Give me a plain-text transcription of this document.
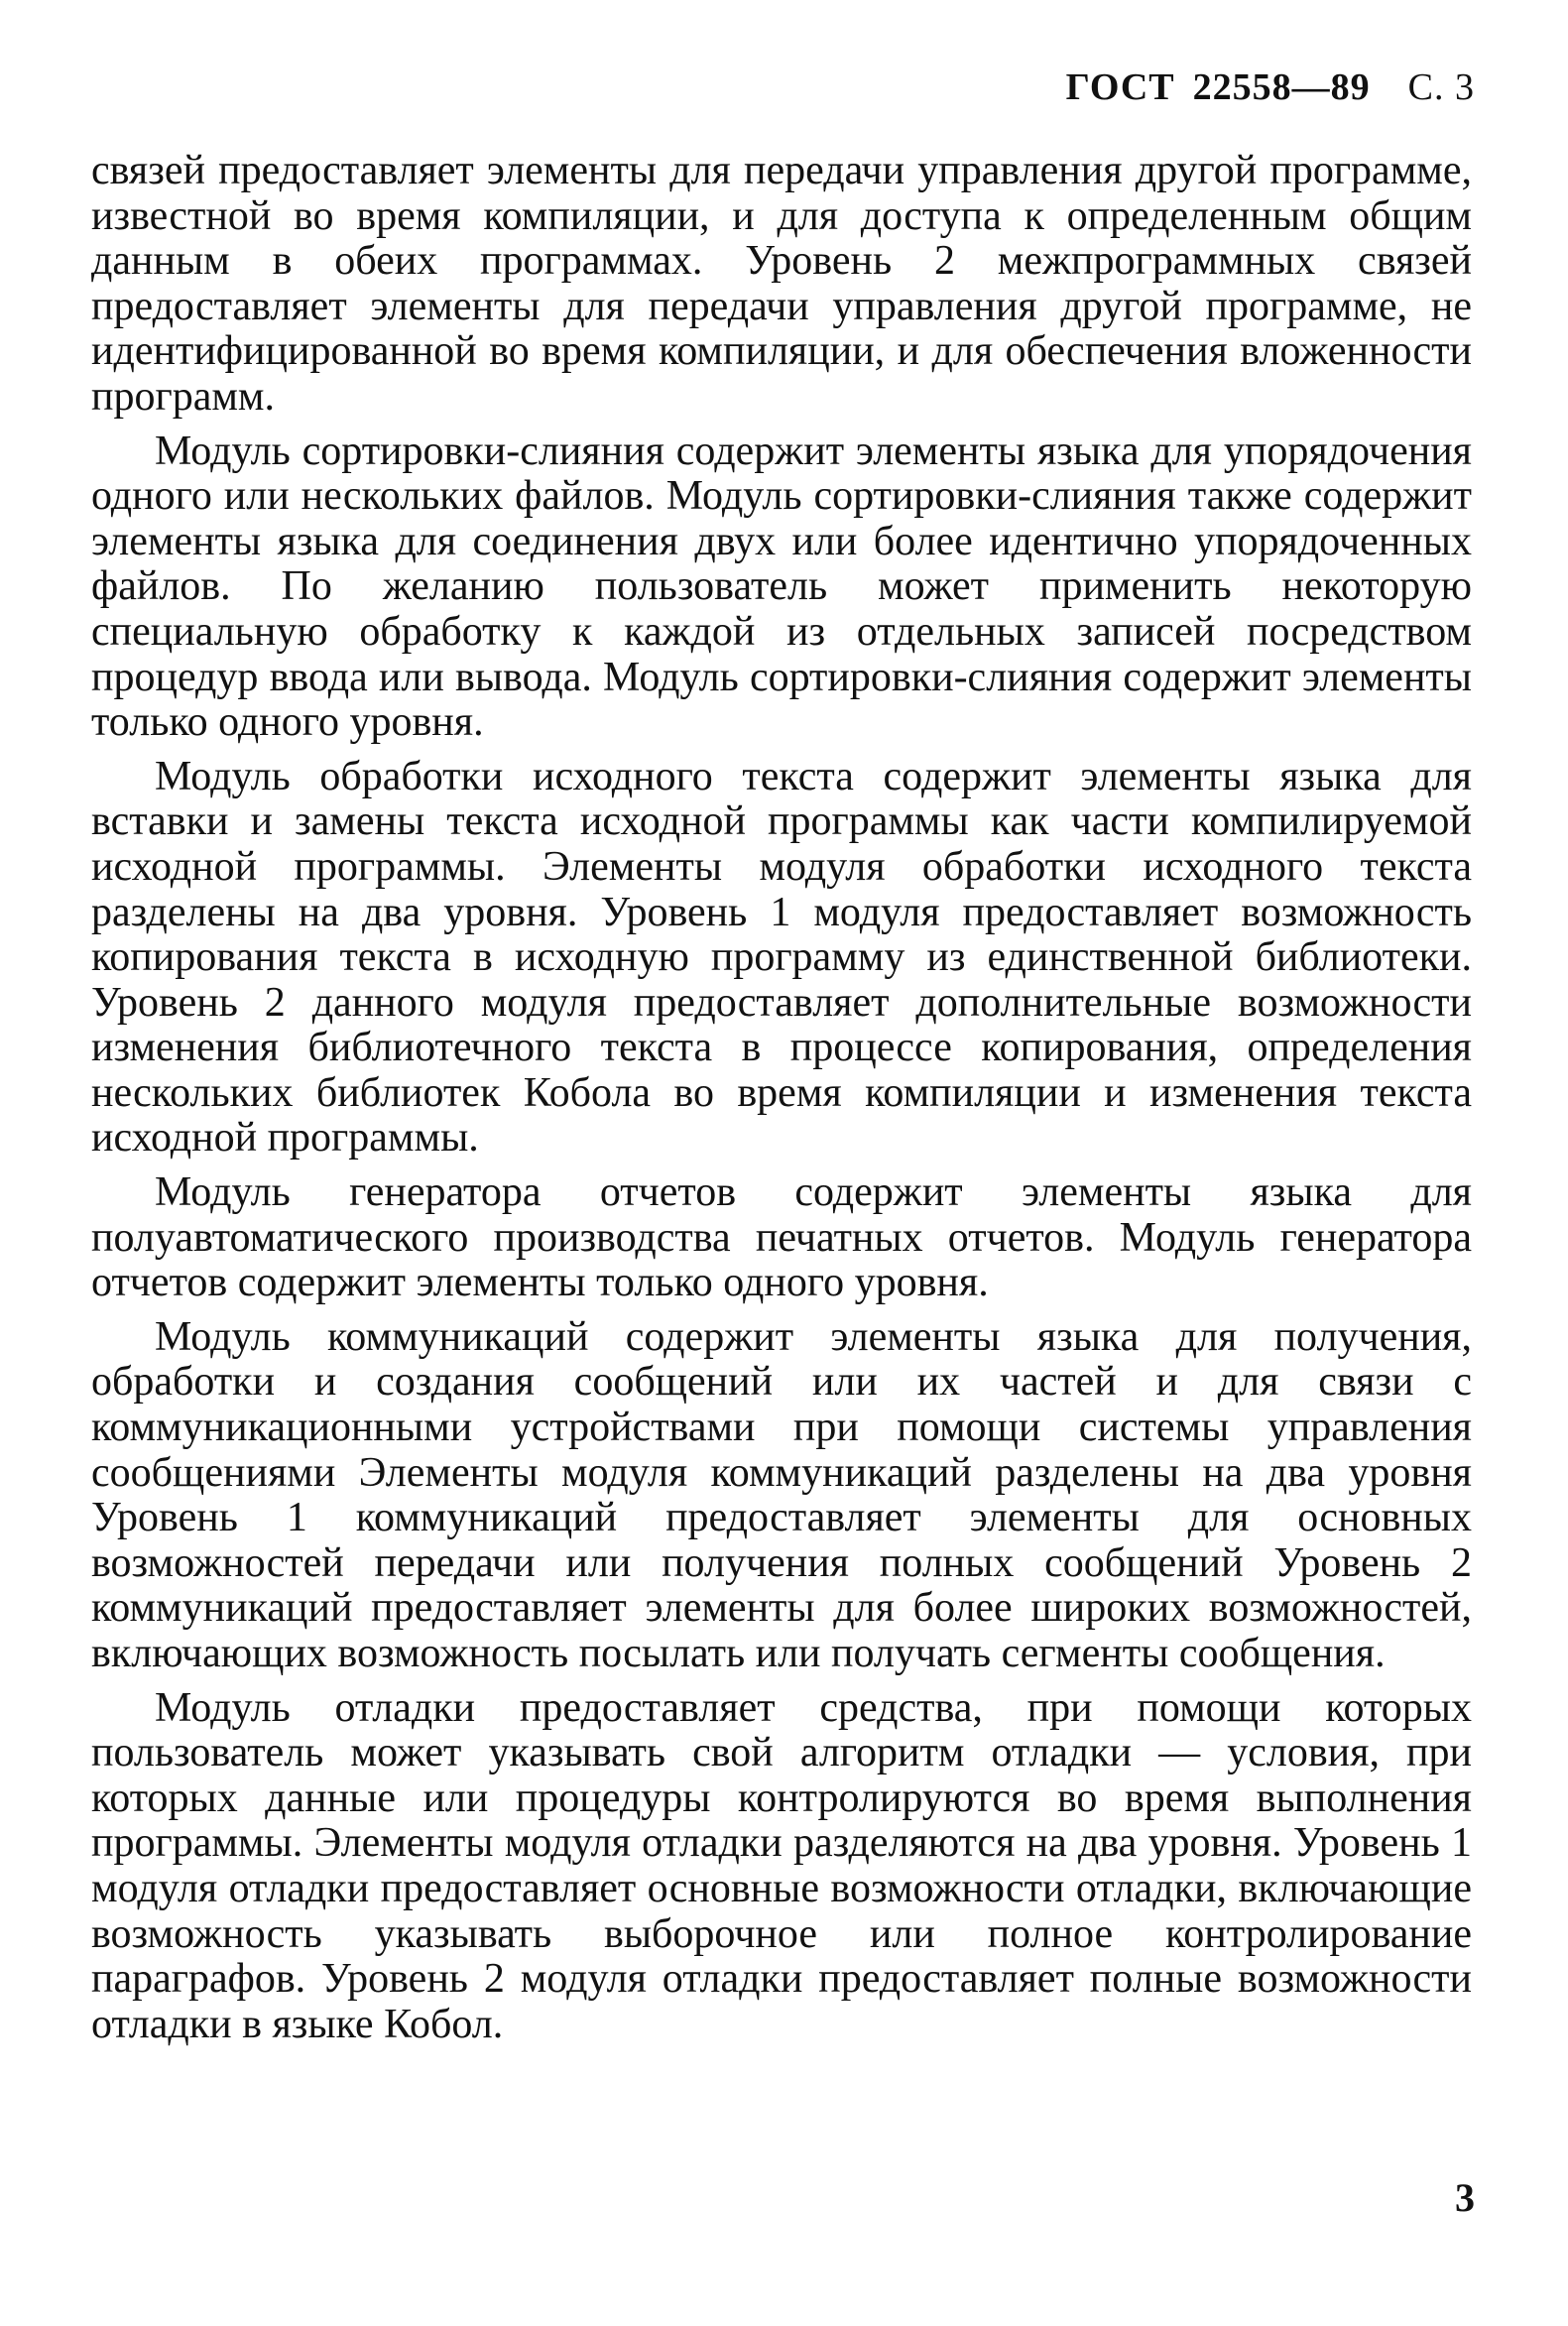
ГОСТ 22558—89 С. 3

связей предоставляет элементы для передачи управления другой программе, известной во время компиляции, и для доступа к определенным общим данным в обеих программах. Уровень 2 межпрограммных связей предоставляет элементы для передачи управления другой программе, не идентифицированной во время компиляции, и для обеспечения вложенности программ.

Модуль сортировки-слияния содержит элементы языка для упорядочения одного или нескольких файлов. Модуль сортировки-слияния также содержит элементы языка для соединения двух или более идентично упорядоченных файлов. По желанию пользователь может применить некоторую специальную обработку к каждой из отдельных записей посредством процедур ввода или вывода. Модуль сортировки-слияния содержит элементы только одного уровня.

Модуль обработки исходного текста содержит элементы языка для вставки и замены текста исходной программы как части компилируемой исходной программы. Элементы модуля обработки исходного текста разделены на два уровня. Уровень 1 модуля предоставляет возможность копирования текста в исходную программу из единственной библиотеки. Уровень 2 данного модуля предоставляет дополнительные возможности изменения библиотечного текста в процессе копирования, определения нескольких библиотек Кобола во время компиляции и изменения текста исходной программы.

Модуль генератора отчетов содержит элементы языка для полуавтоматического производства печатных отчетов. Модуль генератора отчетов содержит элементы только одного уровня.

Модуль коммуникаций содержит элементы языка для получения, обработки и создания сообщений или их частей и для связи с коммуникационными устройствами при помощи системы управления сообщениями Элементы модуля коммуникаций разделены на два уровня Уровень 1 коммуникаций предоставляет элементы для основных возможностей передачи или получения полных сообщений Уровень 2 коммуникаций предоставляет элементы для более широких возможностей, включающих возможность посылать или получать сегменты сообщения.

Модуль отладки предоставляет средства, при помощи которых пользователь может указывать свой алгоритм отладки — условия, при которых данные или процедуры контролируются во время выполнения программы. Элементы модуля отладки разделяются на два уровня. Уровень 1 модуля отладки предоставляет основные возможности отладки, включающие возможность указывать выборочное или полное контролирование параграфов. Уровень 2 модуля отладки предоставляет полные возможности отладки в языке Кобол.

3
